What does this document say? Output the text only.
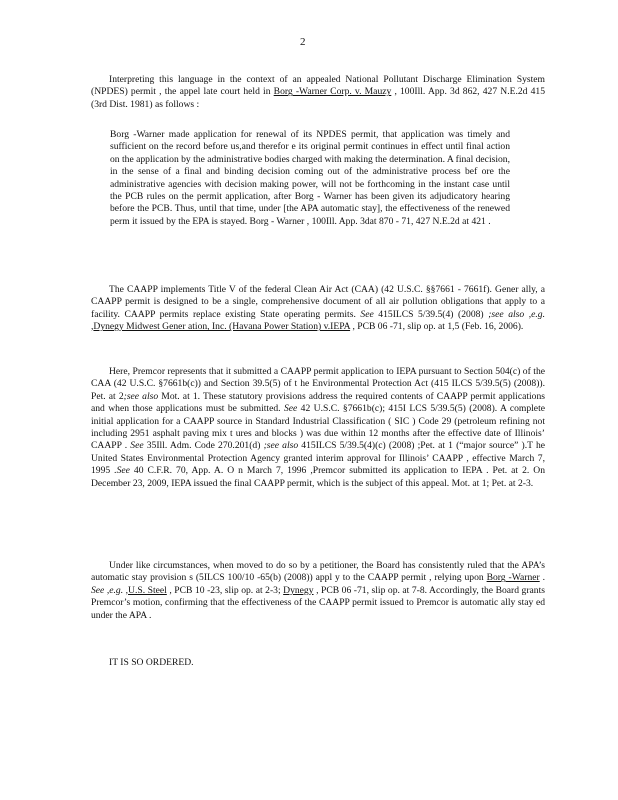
2

Interpreting this language in the context of an appealed National Pollutant Discharge Elimination System (NPDES) permit , the appel late court held in Borg -Warner Corp. v. Mauzy , 100Ill. App. 3d 862, 427 N.E.2d 415 (3rd Dist. 1981) as follows :

Borg -Warner made application for renewal of its NPDES permit, that application was timely and sufficient on the record before us,and therefor e its original permit continues in effect until final action on the application by the administrative bodies charged with making the determination. A final decision, in the sense of a final and binding decision coming out of the administrative process bef ore the administrative agencies with decision making power, will not be forthcoming in the instant case until the PCB rules on the permit application, after Borg - Warner has been given its adjudicatory hearing before the PCB. Thus, until that time, under [the APA automatic stay], the effectiveness of the renewed perm it issued by the EPA is stayed. Borg - Warner , 100Ill. App. 3dat 870 - 71, 427 N.E.2d at 421 .

The CAAPP implements Title V of the federal Clean Air Act (CAA) (42 U.S.C. §§7661 - 7661f). Gener ally, a CAAPP permit is designed to be a single, comprehensive document of all air pollution obligations that apply to a facility. CAAPP permits replace existing State operating permits. See 415ILCS 5/39.5(4) (2008) ;see also ,e.g. ,Dynegy Midwest Gener ation, Inc. (Havana Power Station) v.IEPA , PCB 06 -71, slip op. at 1,5 (Feb. 16, 2006).

Here, Premcor represents that it submitted a CAAPP permit application to IEPA pursuant to Section 504(c) of the CAA (42 U.S.C. §7661b(c)) and Section 39.5(5) of t he Environmental Protection Act (415 ILCS 5/39.5(5) (2008)). Pet. at 2;see also Mot. at 1. These statutory provisions address the required contents of CAAPP permit applications and when those applications must be submitted. See 42 U.S.C. §7661b(c); 415I LCS 5/39.5(5) (2008). A complete initial application for a CAAPP source in Standard Industrial Classification ( SIC ) Code 29 (petroleum refining not including 2951 asphalt paving mix t ures and blocks ) was due within 12 months after the effective date of Illinois’ CAAPP . See 35Ill. Adm. Code 270.201(d) ;see also 415ILCS 5/39.5(4)(c) (2008) ;Pet. at 1 (“major source” ).T he United States Environmental Protection Agency granted interim approval for Illinois’ CAAPP , effective March 7, 1995 .See 40 C.F.R. 70, App. A. O n March 7, 1996 ,Premcor submitted its application to IEPA . Pet. at 2. On December 23, 2009, IEPA issued the final CAAPP permit, which is the subject of this appeal. Mot. at 1; Pet. at 2-3.

Under like circumstances, when moved to do so by a petitioner, the Board has consistently ruled that the APA’s automatic stay provision s (5ILCS 100/10 -65(b) (2008)) appl y to the CAAPP permit , relying upon Borg -Warner . See ,e.g. ,U.S. Steel , PCB 10 -23, slip op. at 2-3; Dynegy , PCB 06 -71, slip op. at 7-8. Accordingly, the Board grants Premcor’s motion, confirming that the effectiveness of the CAAPP permit issued to Premcor is automatic ally stay ed under the APA .

IT IS SO ORDERED.
